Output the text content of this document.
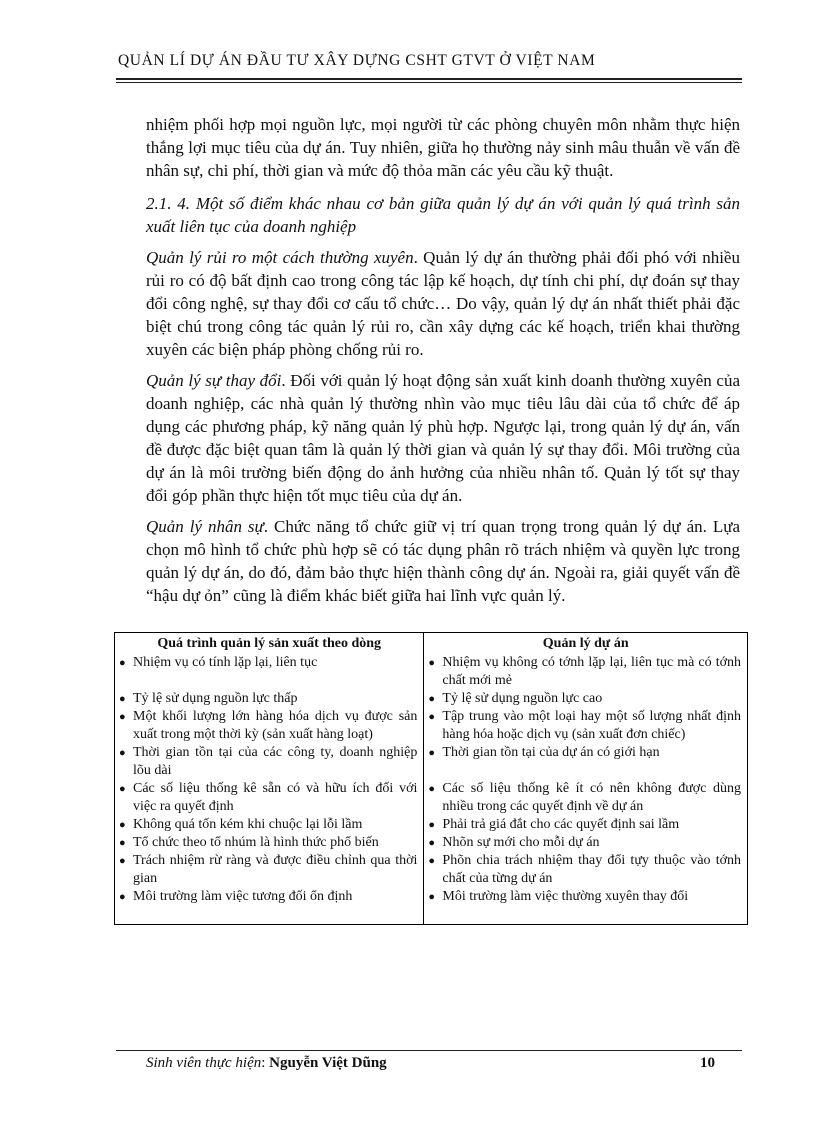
QUẢN LÍ DỰ ÁN ĐẦU TƯ XÂY DỰNG CSHT GTVT Ở VIỆT NAM

nhiệm phối hợp mọi nguồn lực, mọi người từ các phòng chuyên môn nhằm thực hiện thắng lợi mục tiêu của dự án. Tuy nhiên, giữa họ thường nảy sinh mâu thuẫn về vấn đề nhân sự, chi phí, thời gian và mức độ thỏa mãn các yêu cầu kỹ thuật.

2.1. 4. Một số điểm khác nhau cơ bản giữa quản lý dự án với quản lý quá trình sản xuất liên tục của doanh nghiệp

Quản lý rủi ro một cách thường xuyên. Quản lý dự án thường phải đối phó với nhiều rủi ro có độ bất định cao trong công tác lập kế hoạch, dự tính chi phí, dự đoán sự thay đổi công nghệ, sự thay đổi cơ cấu tổ chức… Do vậy, quản lý dự án nhất thiết phải đặc biệt chú trong công tác quản lý rủi ro, cần xây dựng các kế hoạch, triển khai thường xuyên các biện pháp phòng chống rủi ro.

Quản lý sự thay đổi. Đối với quản lý hoạt động sản xuất kinh doanh thường xuyên của doanh nghiệp, các nhà quản lý thường nhìn vào mục tiêu lâu dài của tổ chức để áp dụng các phương pháp, kỹ năng quản lý phù hợp. Ngược lại, trong quản lý dự án, vấn đề được đặc biệt quan tâm là quản lý thời gian và quản lý sự thay đổi. Môi trường của dự án là môi trường biến động do ảnh hưởng của nhiều nhân tố. Quản lý tốt sự thay đổi góp phần thực hiện tốt mục tiêu của dự án.

Quản lý nhân sự. Chức năng tổ chức giữ vị trí quan trọng trong quản lý dự án. Lựa chọn mô hình tổ chức phù hợp sẽ có tác dụng phân rõ trách nhiệm và quyền lực trong quản lý dự án, do đó, đảm bảo thực hiện thành công dự án. Ngoài ra, giải quyết vấn đề “hậu dự ỏn” cũng là điểm khác biết giữa hai lĩnh vực quản lý.

Quá trình quản lý sản xuất theo dòng	Quản lý dự án

● Nhiệm vụ có tính lặp lại, liên tục	● Nhiệm vụ không có tớnh lặp lại, liên tục mà có tớnh chất mới mẻ

● Tỷ lệ sử dụng nguồn lực thấp	● Tỷ lệ sử dụng nguồn lực cao

● Một khối lượng lớn hàng hóa dịch vụ được sản xuất trong một thời kỳ (sản xuất hàng loạt)	● Tập trung vào một loại hay một số lượng nhất định hàng hóa hoặc dịch vụ (sản xuất đơn chiếc)

● Thời gian tồn tại của các công ty, doanh nghiệp lõu dài	● Thời gian tồn tại của dự án có giới hạn

● Các số liệu thống kê sẵn có và hữu ích đối với việc ra quyết định	● Các số liệu thống kê ít có nên không được dùng nhiều trong các quyết định về dự án

● Không quá tốn kém khi chuộc lại lỗi lầm	● Phải trả giá đắt cho các quyết định sai lầm

● Tổ chức theo tổ nhúm là hình thức phổ biến	● Nhõn sự mới cho mỗi dự án

● Trách nhiệm rừ ràng và được điều chỉnh qua thời gian	● Phõn chia trách nhiệm thay đổi tựy thuộc vào tớnh chất của từng dự án

● Môi trường làm việc tương đối ổn định	● Môi trường làm việc thường xuyên thay đổi
Sinh viên thực hiện: Nguyễn Việt Dũng	10
